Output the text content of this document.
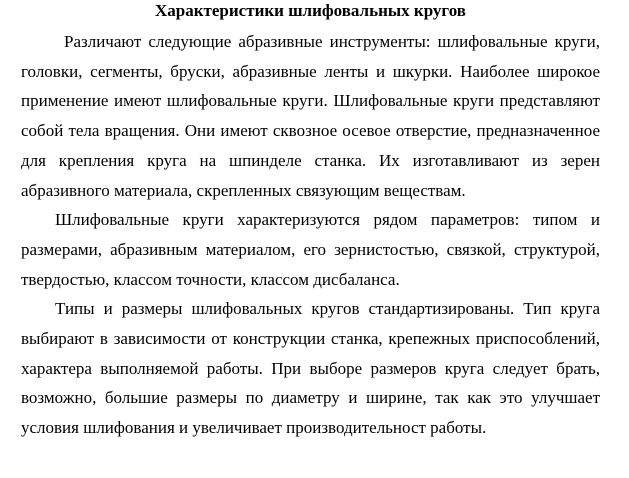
Характеристики шлифовальных кругов

Различают следующие абразивные инструменты: шлифовальные круги, головки, сегменты, бруски, абразивные ленты и шкурки. Наиболее широкое применение имеют шлифовальные круги. Шлифовальные круги представляют собой тела вращения. Они имеют сквозное осевое отверстие, предназначенное для крепления круга на шпинделе станка. Их изготавливают из зерен абразивного материала, скрепленных связующим веществам.

Шлифовальные круги характеризуются рядом параметров: типом и размерами, абразивным материалом, его зернистостью, связкой, структурой, твердостью, классом точности, классом дисбаланса.

Типы и размеры шлифовальных кругов стандартизированы. Тип круга выбирают в зависимости от конструкции станка, крепежных приспособлений, характера выполняемой работы. При выборе размеров круга следует брать, возможно, большие размеры по диаметру и ширине, так как это улучшает условия шлифования и увеличивает производительност работы.
